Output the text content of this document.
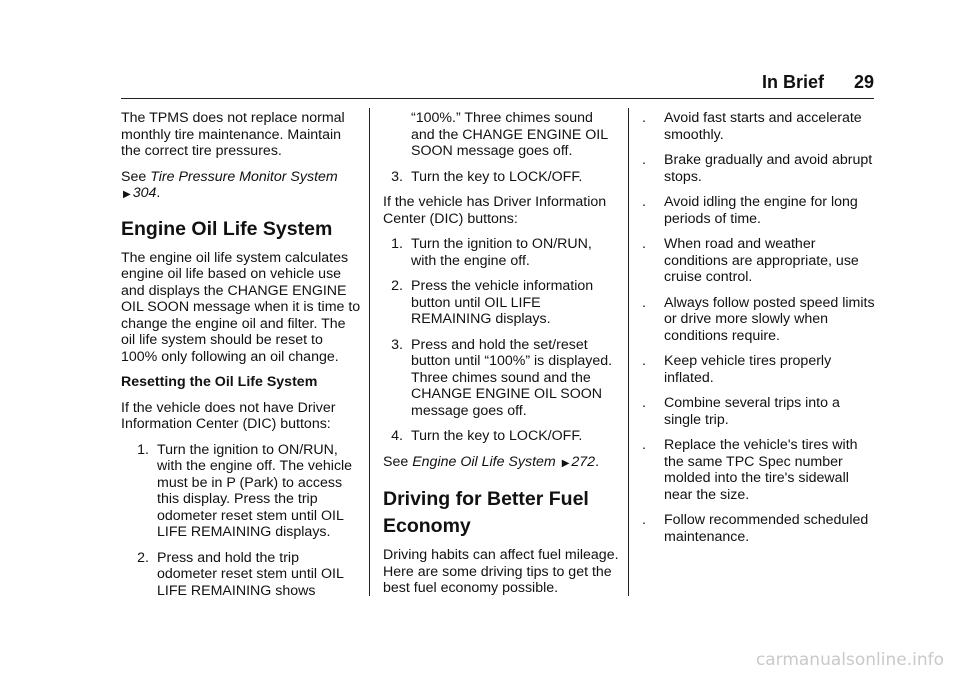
In Brief 29

The TPMS does not replace normal monthly tire maintenance. Maintain the correct tire pressures.

See Tire Pressure Monitor System
▶ 304.

Engine Oil Life System

The engine oil life system calculates engine oil life based on vehicle use and displays the CHANGE ENGINE OIL SOON message when it is time to change the engine oil and filter. The oil life system should be reset to 100% only following an oil change.

Resetting the Oil Life System

If the vehicle does not have Driver Information Center (DIC) buttons:

1. Turn the ignition to ON/RUN, with the engine off. The vehicle must be in P (Park) to access this display. Press the trip odometer reset stem until OIL LIFE REMAINING displays.
2. Press and hold the trip odometer reset stem until OIL LIFE REMAINING shows

“100%.” Three chimes sound and the CHANGE ENGINE OIL SOON message goes off.

3. Turn the key to LOCK/OFF.

If the vehicle has Driver Information Center (DIC) buttons:

1. Turn the ignition to ON/RUN, with the engine off.
2. Press the vehicle information button until OIL LIFE REMAINING displays.
3. Press and hold the set/reset button until “100%” is displayed. Three chimes sound and the CHANGE ENGINE OIL SOON message goes off.
4. Turn the key to LOCK/OFF.

See Engine Oil Life System ▶ 272.

Driving for Better Fuel Economy

Driving habits can affect fuel mileage. Here are some driving tips to get the best fuel economy possible.

.	Avoid fast starts and accelerate smoothly.
.	Brake gradually and avoid abrupt stops.
.	Avoid idling the engine for long periods of time.
.	When road and weather conditions are appropriate, use cruise control.
.	Always follow posted speed limits or drive more slowly when conditions require.
.	Keep vehicle tires properly inflated.
.	Combine several trips into a single trip.
.	Replace the vehicle's tires with the same TPC Spec number molded into the tire's sidewall near the size.
.	Follow recommended scheduled maintenance.
carmanualsonline.info
